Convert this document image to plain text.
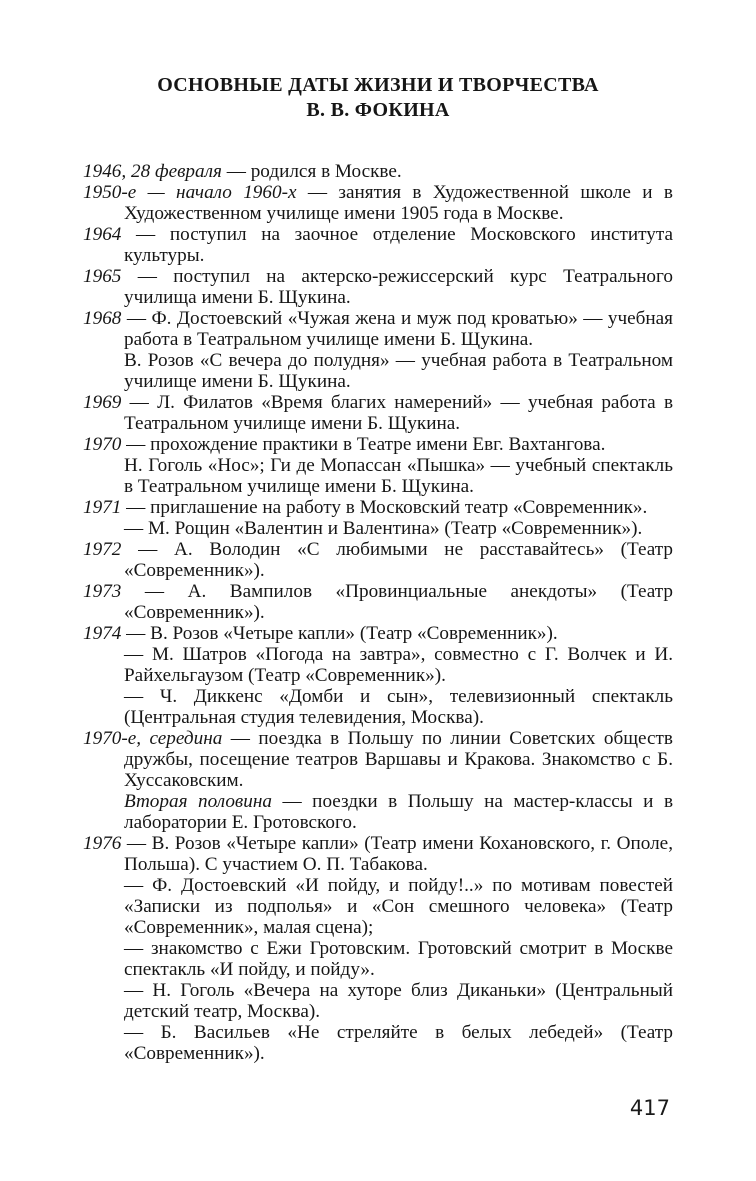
ОСНОВНЫЕ ДАТЫ ЖИЗНИ И ТВОРЧЕСТВА
В. В. ФОКИНА

1946, 28 февраля — родился в Москве.

1950-е — начало 1960-х — занятия в Художественной школе и в Художественном училище имени 1905 года в Москве.

1964 — поступил на заочное отделение Московского института культуры.

1965 — поступил на актерско-режиссерский курс Театрального училища имени Б. Щукина.

1968 — Ф. Достоевский «Чужая жена и муж под кроватью» — учебная работа в Театральном училище имени Б. Щукина.

В. Розов «С вечера до полудня» — учебная работа в Театральном училище имени Б. Щукина.

1969 — Л. Филатов «Время благих намерений» — учебная работа в Театральном училище имени Б. Щукина.

1970 — прохождение практики в Театре имени Евг. Вахтангова.

Н. Гоголь «Нос»; Ги де Мопассан «Пышка» — учебный спектакль в Театральном училище имени Б. Щукина.

1971 — приглашение на работу в Московский театр «Современник».

— М. Рощин «Валентин и Валентина» (Театр «Современник»).

1972 — А. Володин «С любимыми не расставайтесь» (Театр «Современник»).

1973 — А. Вампилов «Провинциальные анекдоты» (Театр «Современник»).

1974 — В. Розов «Четыре капли» (Театр «Современник»).

— М. Шатров «Погода на завтра», совместно с Г. Волчек и И. Райхельгаузом (Театр «Современник»).

— Ч. Диккенс «Домби и сын», телевизионный спектакль (Центральная студия телевидения, Москва).

1970-е, середина — поездка в Польшу по линии Советских обществ дружбы, посещение театров Варшавы и Кракова. Знакомство с Б. Хуссаковским.

Вторая половина — поездки в Польшу на мастер-классы и в лаборатории Е. Гротовского.

1976 — В. Розов «Четыре капли» (Театр имени Кохановского, г. Ополе, Польша). С участием О. П. Табакова.

— Ф. Достоевский «И пойду, и пойду!..» по мотивам повестей «Записки из подполья» и «Сон смешного человека» (Театр «Современник», малая сцена);

— знакомство с Ежи Гротовским. Гротовский смотрит в Москве спектакль «И пойду, и пойду».

— Н. Гоголь «Вечера на хуторе близ Диканьки» (Центральный детский театр, Москва).

— Б. Васильев «Не стреляйте в белых лебедей» (Театр «Современник»).

417
